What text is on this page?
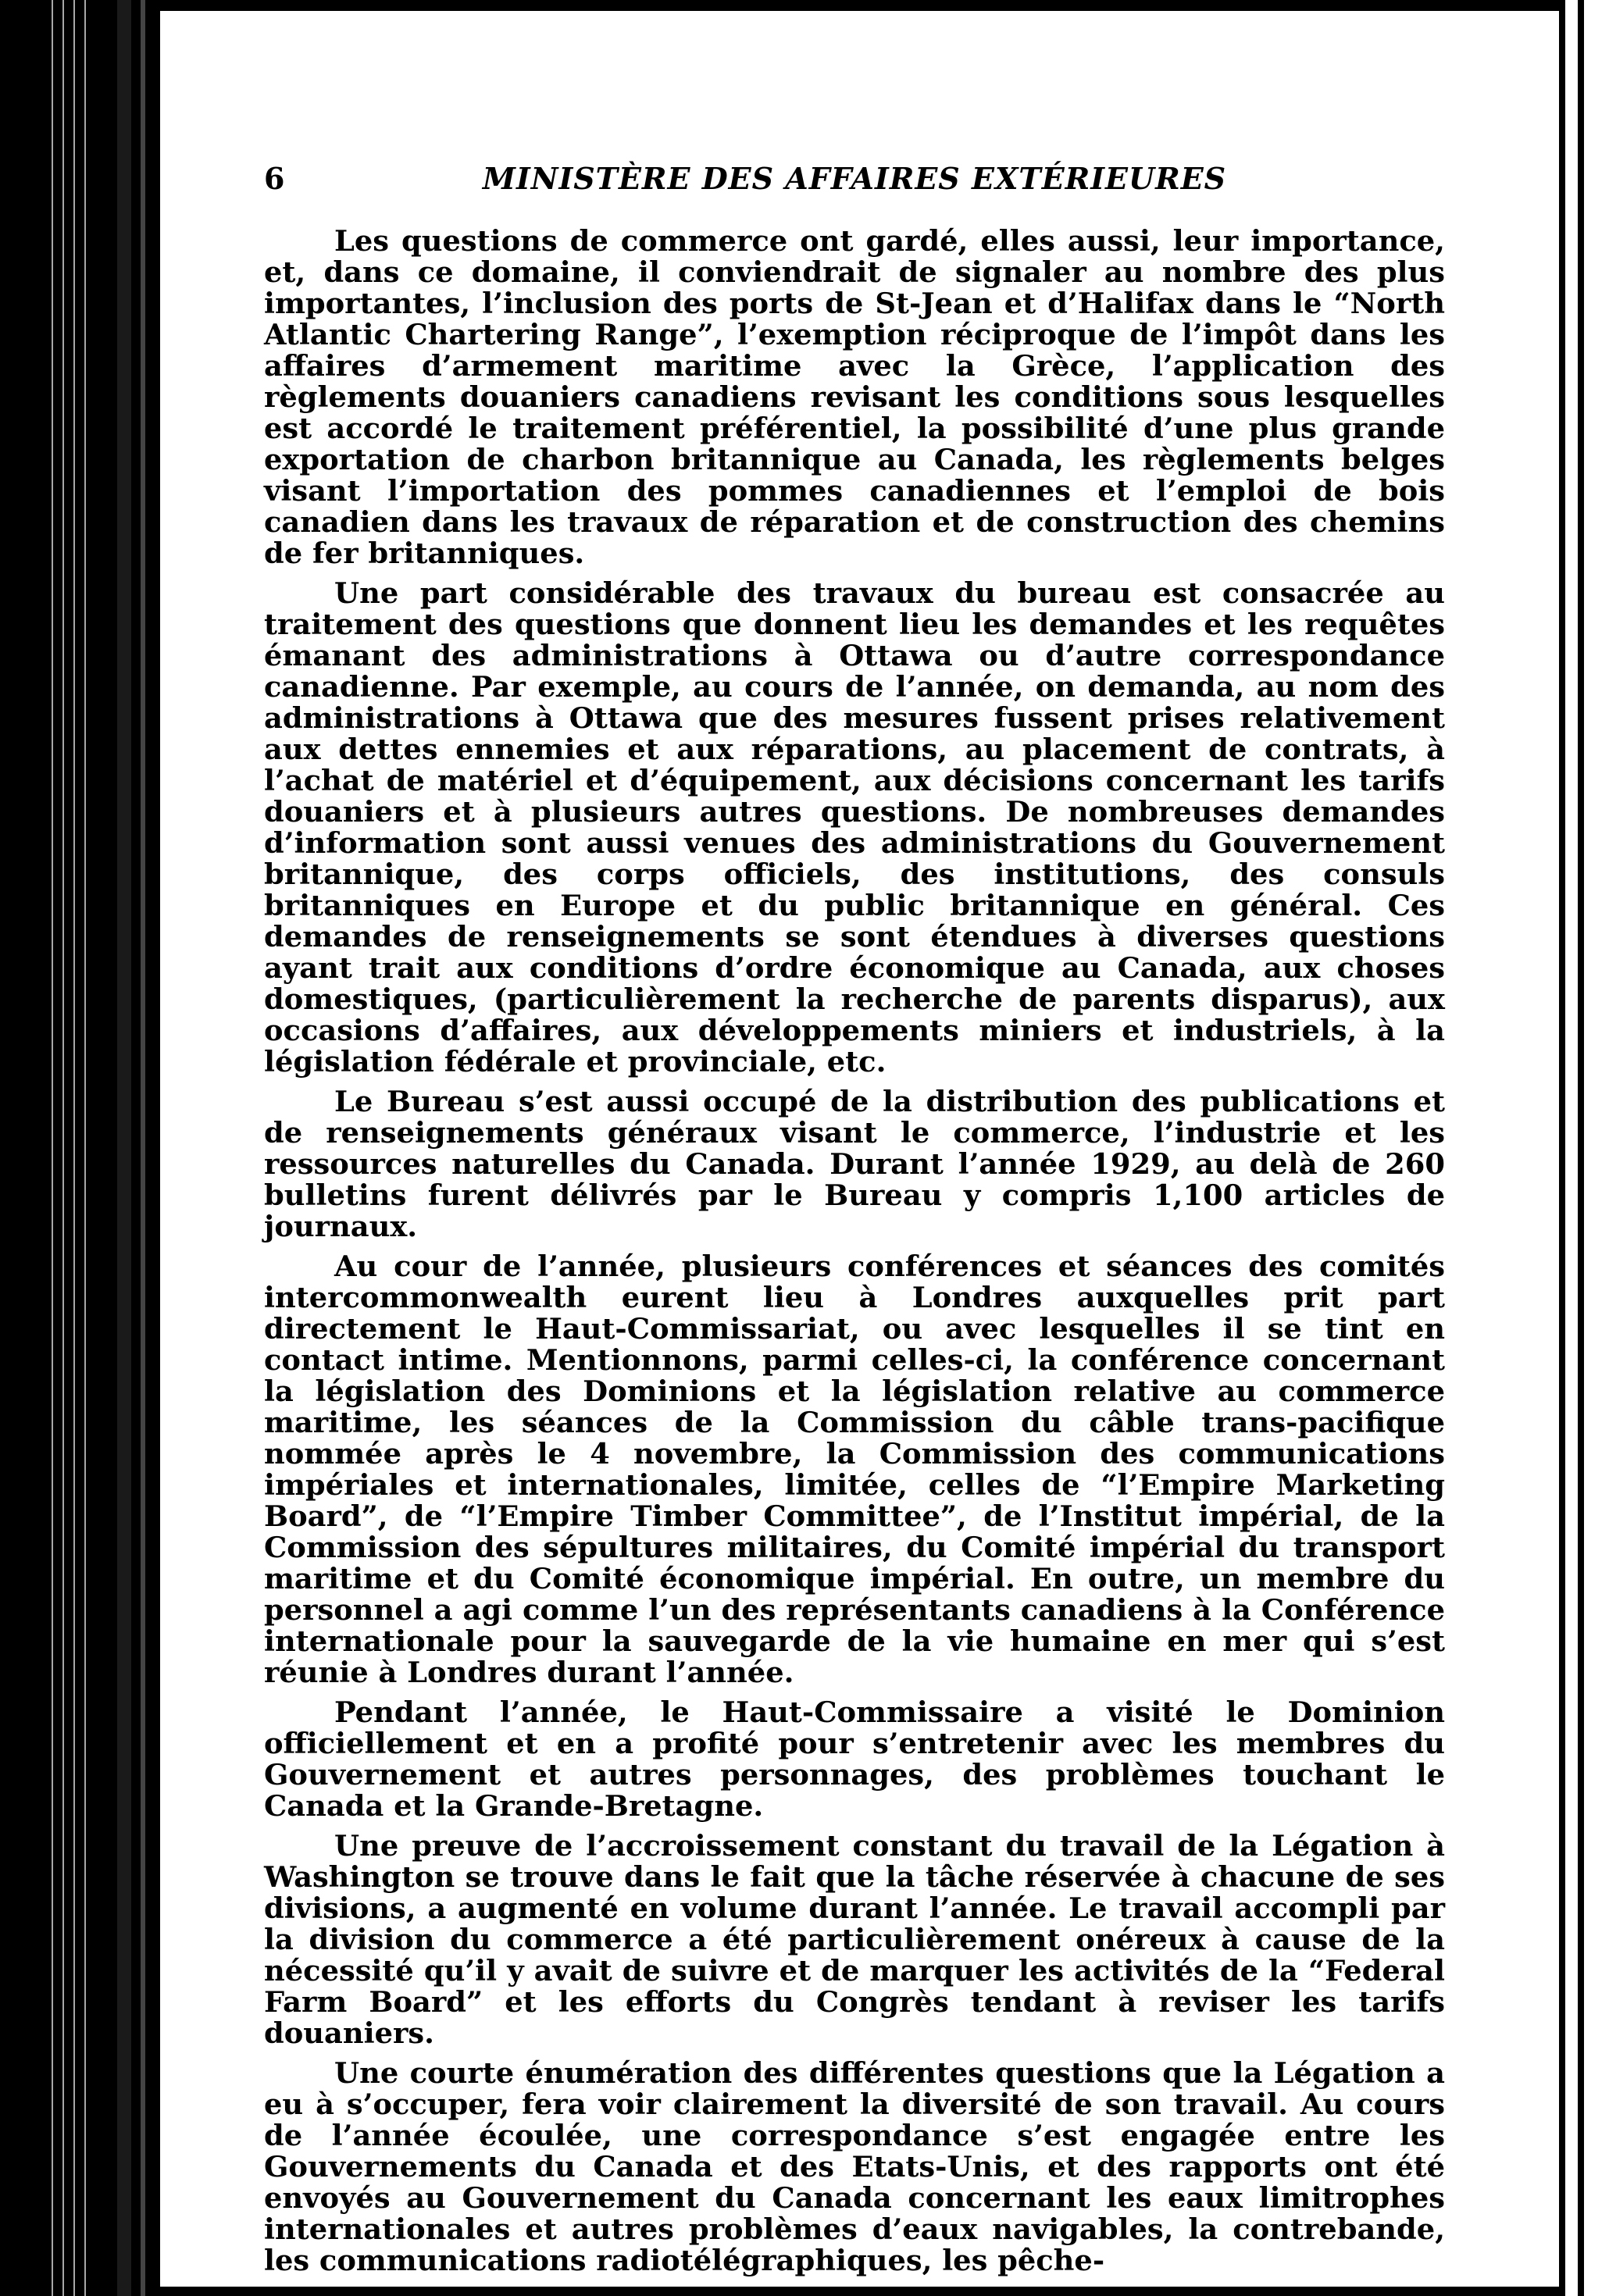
6	MINISTÈRE DES AFFAIRES EXTÉRIEURES

Les questions de commerce ont gardé, elles aussi, leur importance, et, dans ce domaine, il conviendrait de signaler au nombre des plus importantes, l’inclusion des ports de St-Jean et d’Halifax dans le “North Atlantic Chartering Range”, l’exemption réciproque de l’impôt dans les affaires d’armement maritime avec la Grèce, l’application des règlements douaniers canadiens revisant les conditions sous lesquelles est accordé le traitement préférentiel, la possibilité d’une plus grande exportation de charbon britannique au Canada, les règlements belges visant l’importation des pommes canadiennes et l’emploi de bois canadien dans les travaux de réparation et de construction des chemins de fer britanniques.

Une part considérable des travaux du bureau est consacrée au traitement des questions que donnent lieu les demandes et les requêtes émanant des administrations à Ottawa ou d’autre correspondance canadienne. Par exemple, au cours de l’année, on demanda, au nom des administrations à Ottawa que des mesures fussent prises relativement aux dettes ennemies et aux réparations, au placement de contrats, à l’achat de matériel et d’équipement, aux décisions concernant les tarifs douaniers et à plusieurs autres questions. De nombreuses demandes d’information sont aussi venues des administrations du Gouvernement britannique, des corps officiels, des institutions, des consuls britanniques en Europe et du public britannique en général. Ces demandes de renseignements se sont étendues à diverses questions ayant trait aux conditions d’ordre économique au Canada, aux choses domestiques, (particulièrement la recherche de parents disparus), aux occasions d’affaires, aux développements miniers et industriels, à la législation fédérale et provinciale, etc.

Le Bureau s’est aussi occupé de la distribution des publications et de renseignements généraux visant le commerce, l’industrie et les ressources naturelles du Canada. Durant l’année 1929, au delà de 260 bulletins furent délivrés par le Bureau y compris 1,100 articles de journaux.

Au cour de l’année, plusieurs conférences et séances des comités intercommonwealth eurent lieu à Londres auxquelles prit part directement le Haut-Commissariat, ou avec lesquelles il se tint en contact intime. Mentionnons, parmi celles-ci, la conférence concernant la législation des Dominions et la législation relative au commerce maritime, les séances de la Commission du câble trans-pacifique nommée après le 4 novembre, la Commission des communications impériales et internationales, limitée, celles de “l’Empire Marketing Board”, de “l’Empire Timber Committee”, de l’Institut impérial, de la Commission des sépultures militaires, du Comité impérial du transport maritime et du Comité économique impérial. En outre, un membre du personnel a agi comme l’un des représentants canadiens à la Conférence internationale pour la sauvegarde de la vie humaine en mer qui s’est réunie à Londres durant l’année.

Pendant l’année, le Haut-Commissaire a visité le Dominion officiellement et en a profité pour s’entretenir avec les membres du Gouvernement et autres personnages, des problèmes touchant le Canada et la Grande-Bretagne.

Une preuve de l’accroissement constant du travail de la Légation à Washington se trouve dans le fait que la tâche réservée à chacune de ses divisions, a augmenté en volume durant l’année. Le travail accompli par la division du commerce a été particulièrement onéreux à cause de la nécessité qu’il y avait de suivre et de marquer les activités de la “Federal Farm Board” et les efforts du Congrès tendant à reviser les tarifs douaniers.

Une courte énumération des différentes questions que la Légation a eu à s’occuper, fera voir clairement la diversité de son travail. Au cours de l’année écoulée, une correspondance s’est engagée entre les Gouvernements du Canada et des Etats-Unis, et des rapports ont été envoyés au Gouvernement du Canada concernant les eaux limitrophes internationales et autres problèmes d’eaux navigables, la contrebande, les communications radiotélégraphiques, les pêche-
